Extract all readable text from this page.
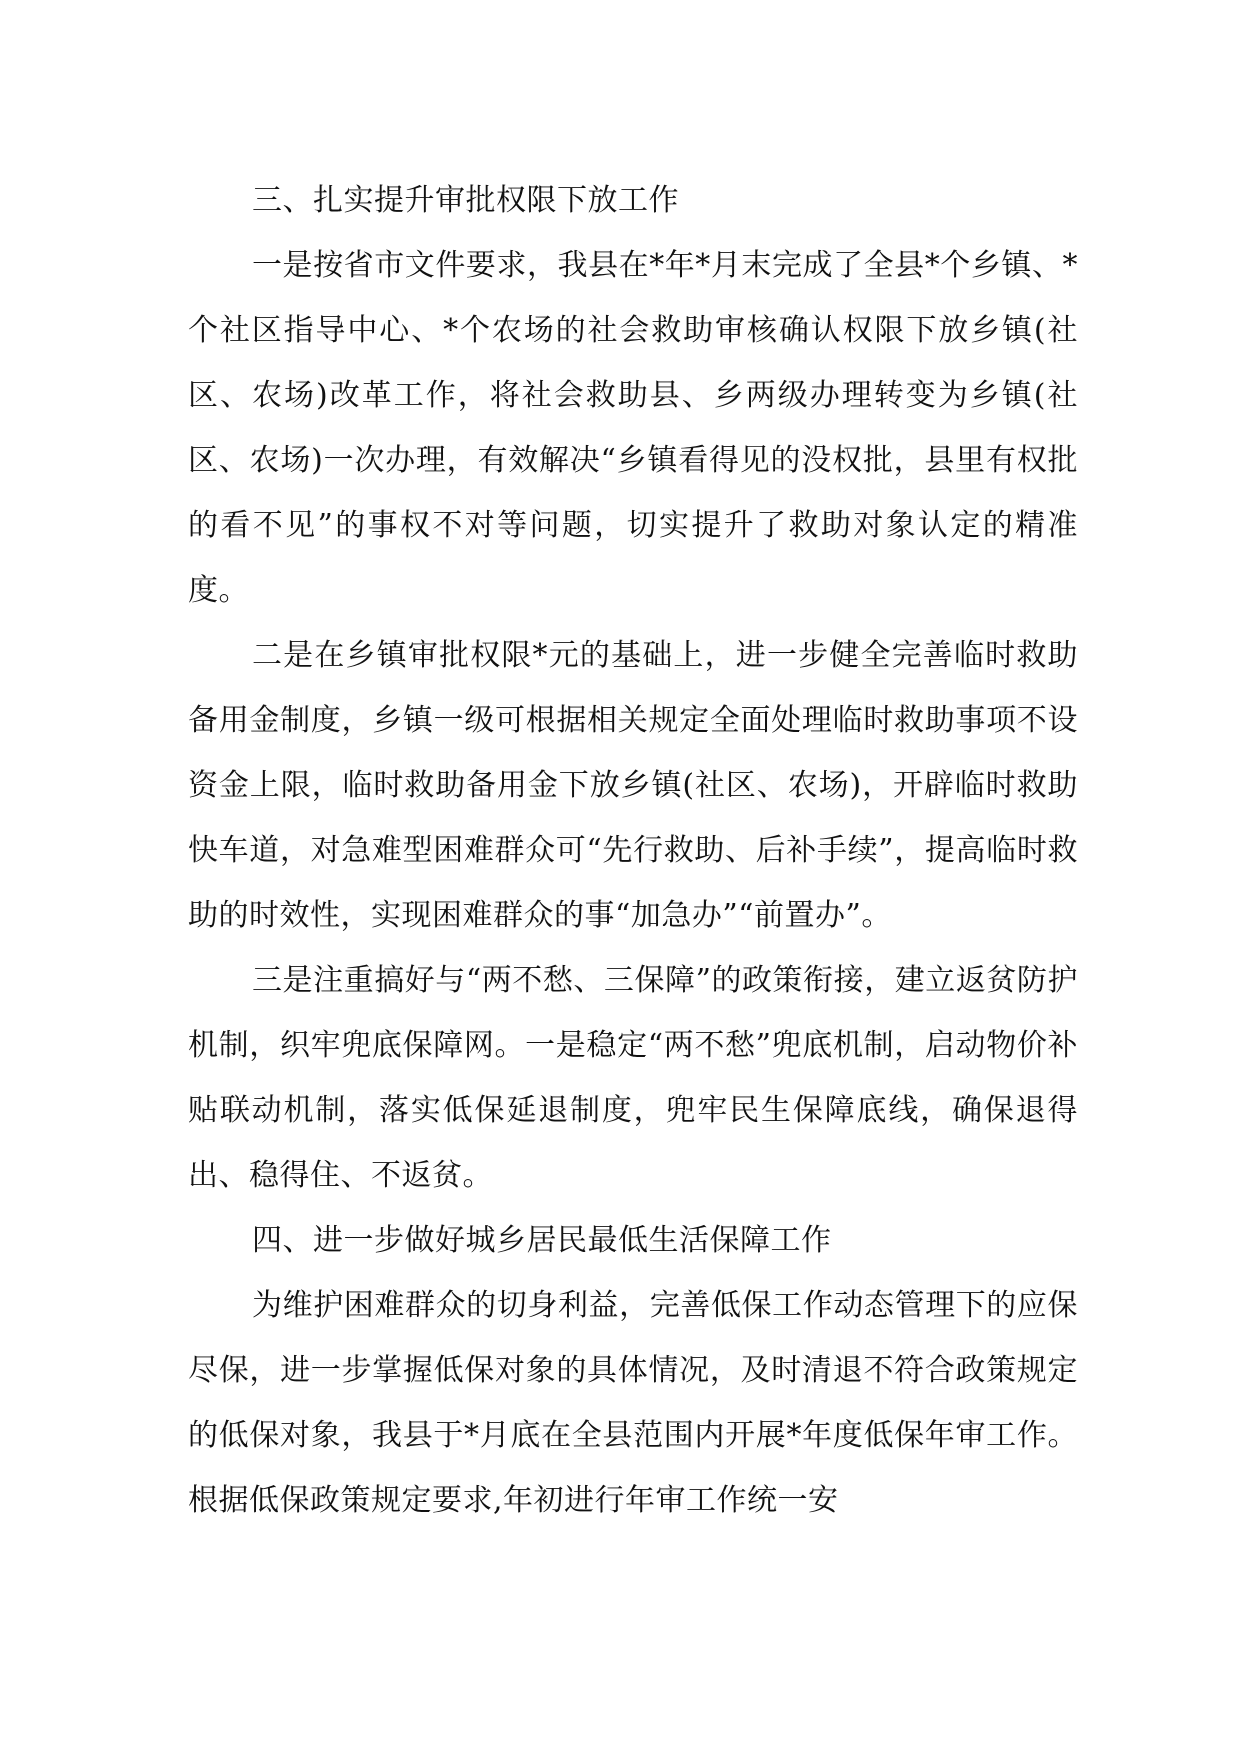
三、扎实提升审批权限下放工作

一是按省市文件要求，我县在*年*月末完成了全县*个乡镇、*个社区指导中心、*个农场的社会救助审核确认权限下放乡镇(社区、农场)改革工作，将社会救助县、乡两级办理转变为乡镇(社区、农场)一次办理，有效解决“乡镇看得见的没权批，县里有权批的看不见”的事权不对等问题，切实提升了救助对象认定的精准度。

二是在乡镇审批权限*元的基础上，进一步健全完善临时救助备用金制度，乡镇一级可根据相关规定全面处理临时救助事项不设资金上限，临时救助备用金下放乡镇(社区、农场)，开辟临时救助快车道，对急难型困难群众可“先行救助、后补手续”，提高临时救助的时效性，实现困难群众的事“加急办”“前置办”。

三是注重搞好与“两不愁、三保障”的政策衔接，建立返贫防护机制，织牢兜底保障网。一是稳定“两不愁”兜底机制，启动物价补贴联动机制，落实低保延退制度，兜牢民生保障底线，确保退得出、稳得住、不返贫。

四、进一步做好城乡居民最低生活保障工作

为维护困难群众的切身利益，完善低保工作动态管理下的应保尽保，进一步掌握低保对象的具体情况，及时清退不符合政策规定的低保对象，我县于*月底在全县范围内开展*年度低保年审工作。根据低保政策规定要求,年初进行年审工作统一安
